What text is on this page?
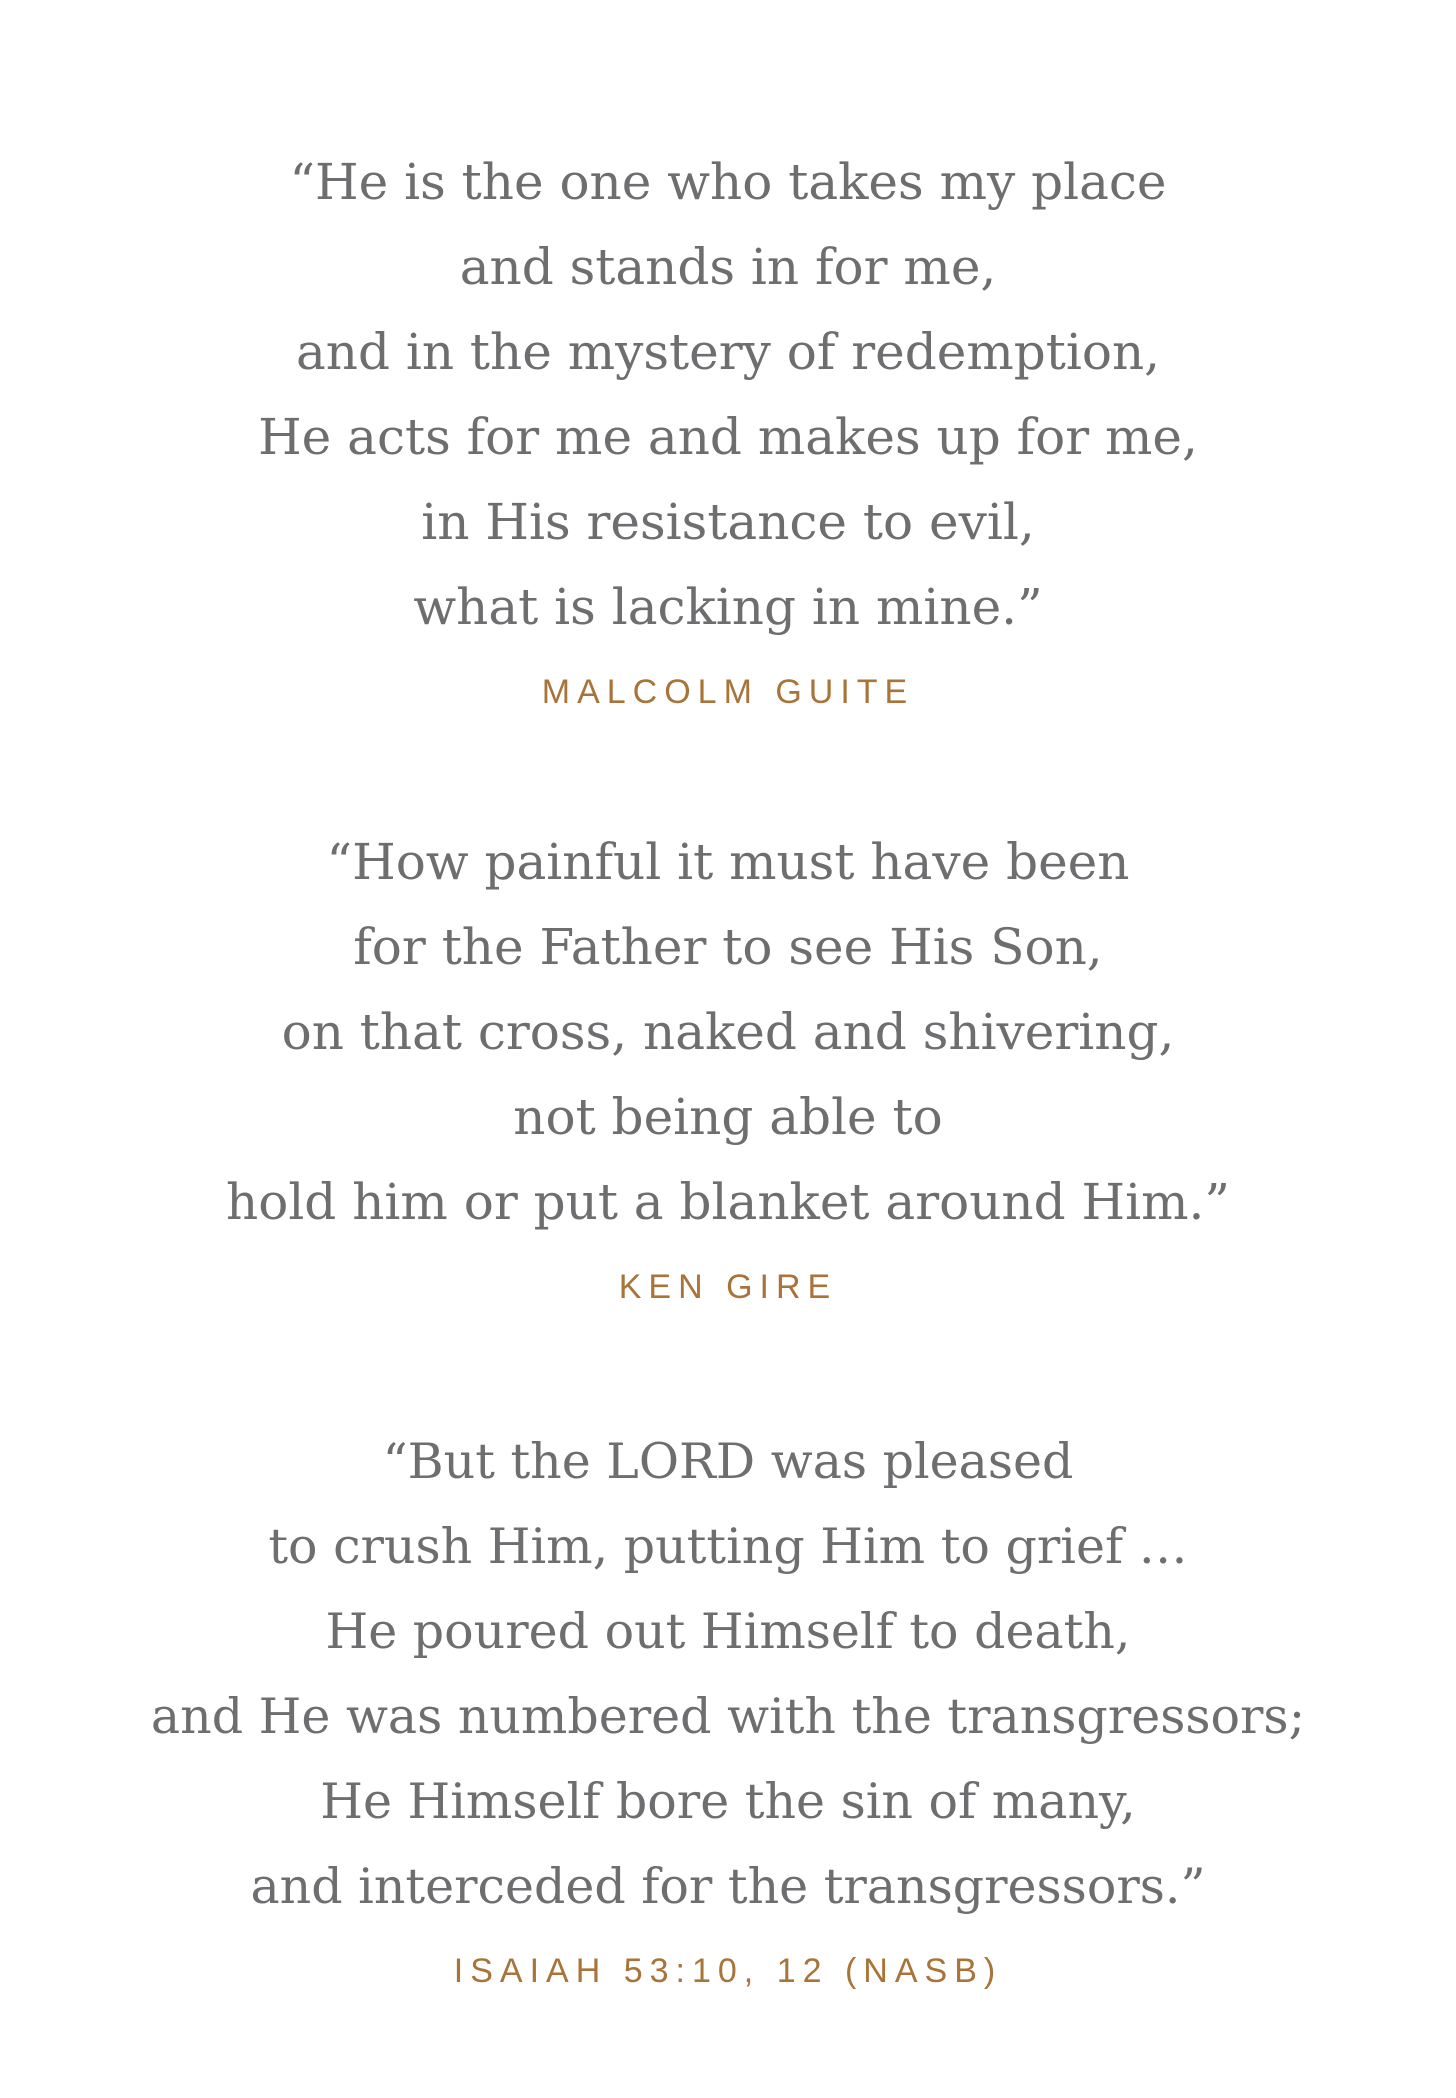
“He is the one who takes my place
and stands in for me,
and in the mystery of redemption,
He acts for me and makes up for me,
in His resistance to evil,
what is lacking in mine.”
MALCOLM GUITE
“How painful it must have been
for the Father to see His Son,
on that cross, naked and shivering,
not being able to
hold him or put a blanket around Him.”
KEN GIRE
“But the LORD was pleased
to crush Him, putting Him to grief …
He poured out Himself to death,
and He was numbered with the transgressors;
He Himself bore the sin of many,
and interceded for the transgressors.”
ISAIAH 53:10, 12 (NASB)
